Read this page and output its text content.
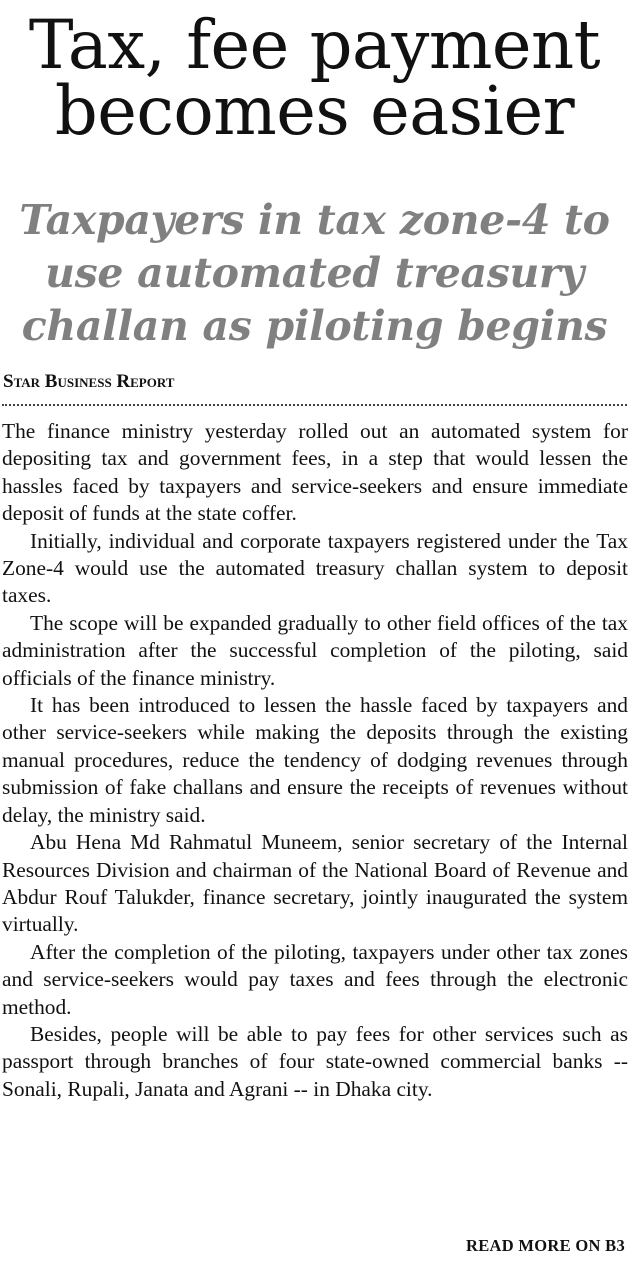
Tax, fee payment becomes easier
Taxpayers in tax zone-4 to use automated treasury challan as piloting begins
Star Business Report

The finance ministry yesterday rolled out an automated system for depositing tax and government fees, in a step that would lessen the hassles faced by taxpayers and service-seekers and ensure immediate deposit of funds at the state coffer.

Initially, individual and corporate taxpayers registered under the Tax Zone-4 would use the automated treasury challan system to deposit taxes.

The scope will be expanded gradually to other field offices of the tax administration after the successful completion of the piloting, said officials of the finance ministry.

It has been introduced to lessen the hassle faced by taxpayers and other service-seekers while making the deposits through the existing manual procedures, reduce the tendency of dodging revenues through submission of fake challans and ensure the receipts of revenues without delay, the ministry said.

Abu Hena Md Rahmatul Muneem, senior secretary of the Internal Resources Division and chairman of the National Board of Revenue and Abdur Rouf Talukder, finance secretary, jointly inaugurated the system virtually.

After the completion of the piloting, taxpayers under other tax zones and service-seekers would pay taxes and fees through the electronic method.

Besides, people will be able to pay fees for other services such as passport through branches of four state-owned commercial banks -- Sonali, Rupali, Janata and Agrani -- in Dhaka city.

READ MORE ON B3
